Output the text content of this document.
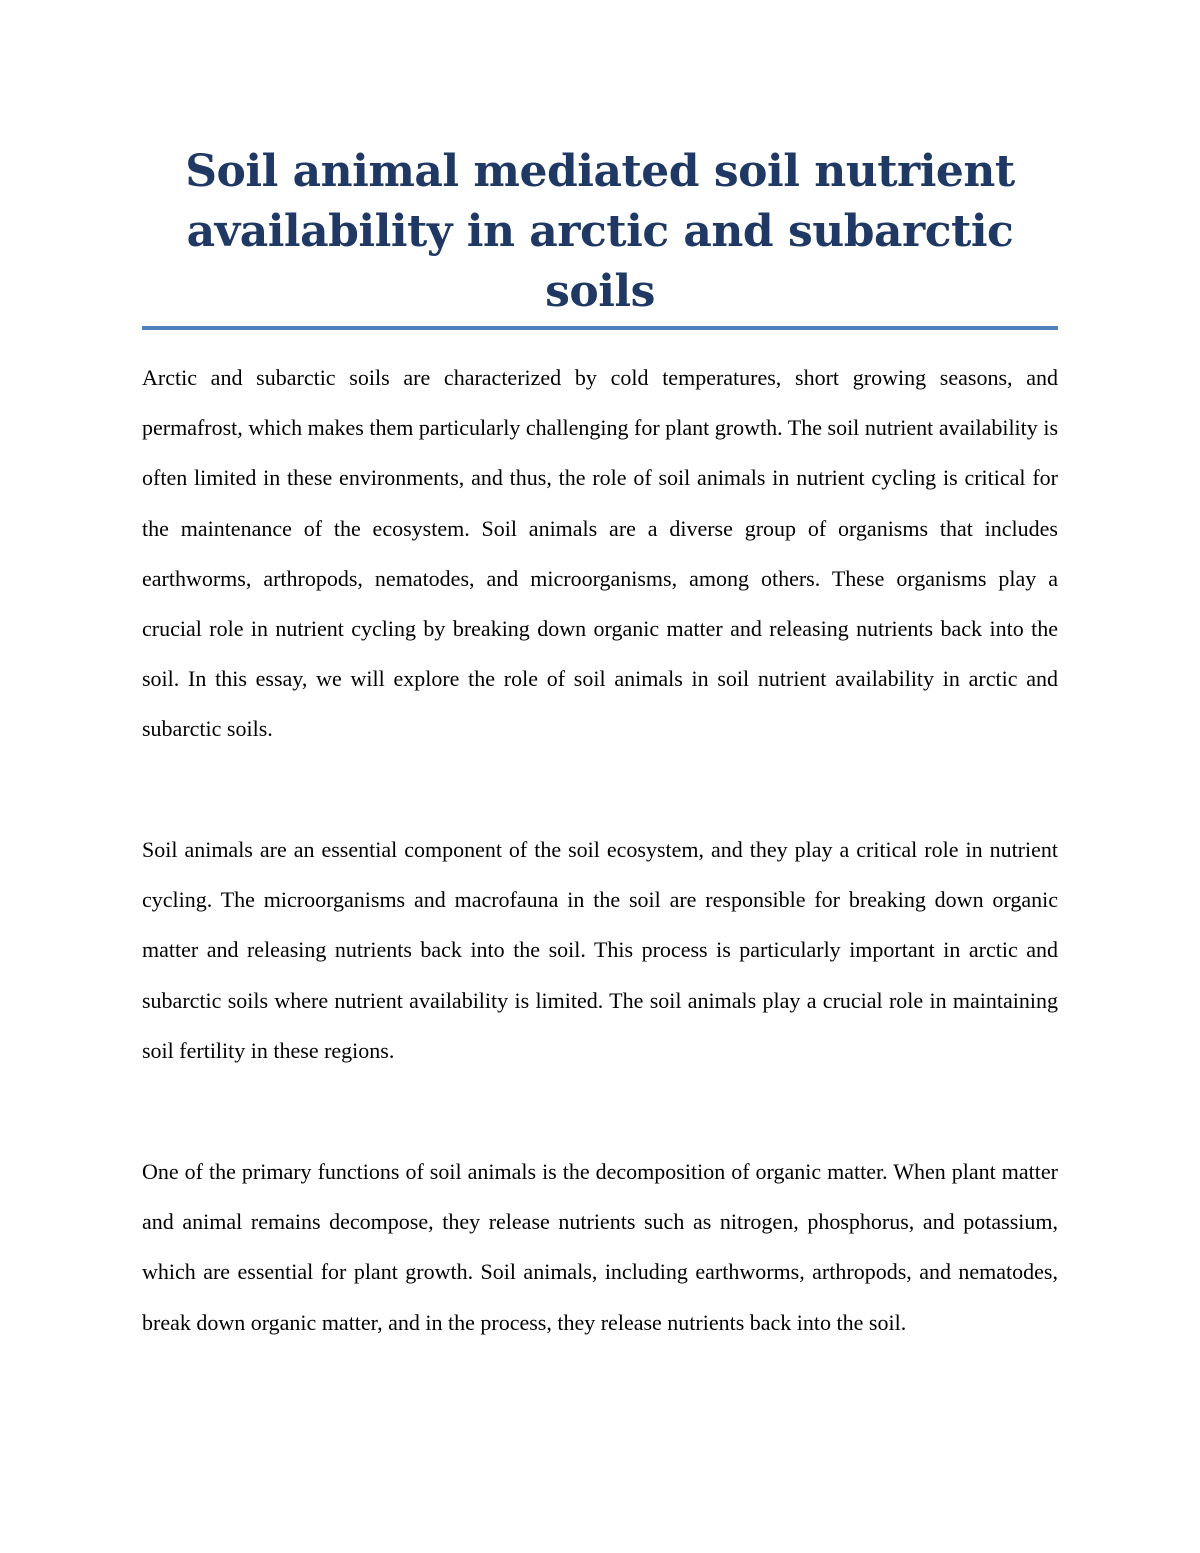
Soil animal mediated soil nutrient availability in arctic and subarctic soils

Arctic and subarctic soils are characterized by cold temperatures, short growing seasons, and permafrost, which makes them particularly challenging for plant growth. The soil nutrient availability is often limited in these environments, and thus, the role of soil animals in nutrient cycling is critical for the maintenance of the ecosystem. Soil animals are a diverse group of organisms that includes earthworms, arthropods, nematodes, and microorganisms, among others. These organisms play a crucial role in nutrient cycling by breaking down organic matter and releasing nutrients back into the soil. In this essay, we will explore the role of soil animals in soil nutrient availability in arctic and subarctic soils.

Soil animals are an essential component of the soil ecosystem, and they play a critical role in nutrient cycling. The microorganisms and macrofauna in the soil are responsible for breaking down organic matter and releasing nutrients back into the soil. This process is particularly important in arctic and subarctic soils where nutrient availability is limited. The soil animals play a crucial role in maintaining soil fertility in these regions.

One of the primary functions of soil animals is the decomposition of organic matter. When plant matter and animal remains decompose, they release nutrients such as nitrogen, phosphorus, and potassium, which are essential for plant growth. Soil animals, including earthworms, arthropods, and nematodes, break down organic matter, and in the process, they release nutrients back into the soil.
